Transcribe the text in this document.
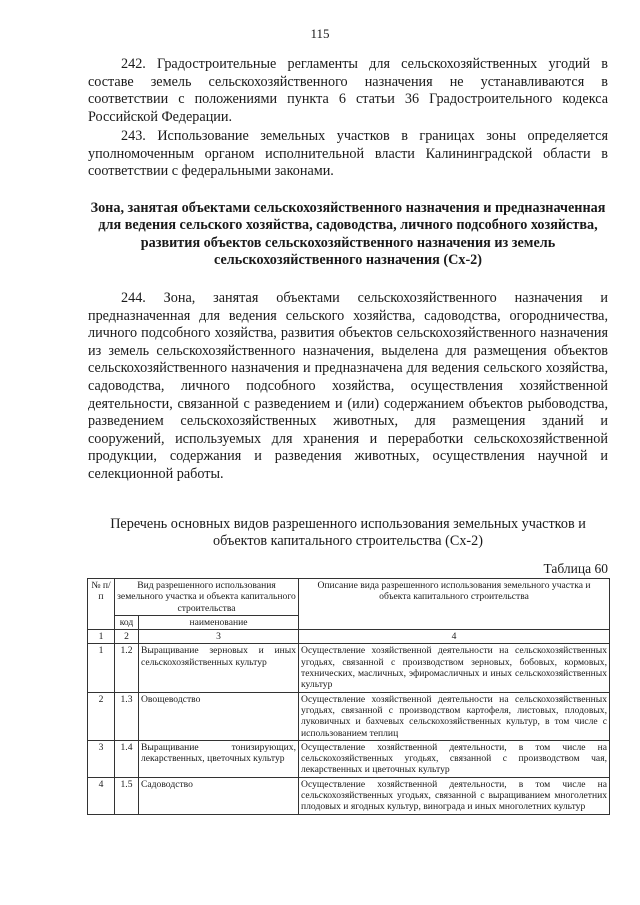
115

242. Градостроительные регламенты для сельскохозяйственных угодий в составе земель сельскохозяйственного назначения не устанавливаются в соответствии с положениями пункта 6 статьи 36 Градостроительного кодекса Российской Федерации.

243. Использование земельных участков в границах зоны определяется уполномоченным органом исполнительной власти Калининградской области в соответствии с федеральными законами.

Зона, занятая объектами сельскохозяйственного назначения и предназначенная для ведения сельского хозяйства, садоводства, личного подсобного хозяйства, развития объектов сельскохозяйственного назначения из земель сельскохозяйственного назначения (Сх-2)

244. Зона, занятая объектами сельскохозяйственного назначения и предназначенная для ведения сельского хозяйства, садоводства, огородничества, личного подсобного хозяйства, развития объектов сельскохозяйственного назначения из земель сельскохозяйственного назначения, выделена для размещения объектов сельскохозяйственного назначения и предназначена для ведения сельского хозяйства, садоводства, личного подсобного хозяйства, осуществления хозяйственной деятельности, связанной с разведением и (или) содержанием объектов рыбоводства, разведением сельскохозяйственных животных, для размещения зданий и сооружений, используемых для хранения и переработки сельскохозяйственной продукции, содержания и разведения животных, осуществления научной и селекционной работы.

Перечень основных видов разрешенного использования земельных участков и объектов капитального строительства (Сх-2)

Таблица 60
№ п/п	Вид разрешенного использования земельного участка и объекта капитального строительства		Описание вида разрешенного использования земельного участка и объекта капитального строительства
	код	наименование	
1	2	3	4
1	1.2	Выращивание зерновых и иных сельскохозяйственных культур	Осуществление хозяйственной деятельности на сельскохозяйственных угодьях, связанной с производством зерновых, бобовых, кормовых, технических, масличных, эфиромасличных и иных сельскохозяйственных культур
2	1.3	Овощеводство	Осуществление хозяйственной деятельности на сельскохозяйственных угодьях, связанной с производством картофеля, листовых, плодовых, луковичных и бахчевых сельскохозяйственных культур, в том числе с использованием теплиц
3	1.4	Выращивание тонизирующих, лекарственных, цветочных культур	Осуществление хозяйственной деятельности, в том числе на сельскохозяйственных угодьях, связанной с производством чая, лекарственных и цветочных культур
4	1.5	Садоводство	Осуществление хозяйственной деятельности, в том числе на сельскохозяйственных угодьях, связанной с выращиванием многолетних плодовых и ягодных культур, винограда и иных многолетних культур
